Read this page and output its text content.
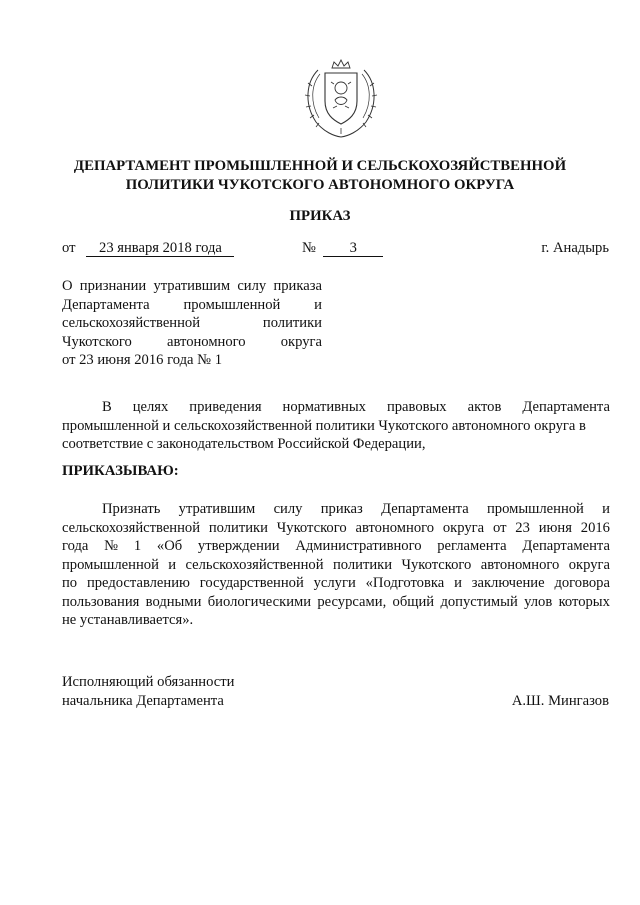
ДЕПАРТАМЕНТ ПРОМЫШЛЕННОЙ И СЕЛЬСКОХОЗЯЙСТВЕННОЙ
ПОЛИТИКИ ЧУКОТСКОГО АВТОНОМНОГО ОКРУГА
ПРИКАЗ
от 23 января 2018 года	№ 3	г. Анадырь
О признании утратившим силу приказа
Департамента промышленной и
сельскохозяйственной	политики
Чукотского автономного округа
от 23 июня 2016 года № 1
В целях приведения нормативных правовых актов Департамента
промышленной и сельскохозяйственной политики Чукотского автономного округа в
соответствие с законодательством Российской Федерации,
ПРИКАЗЫВАЮ:
Признать утратившим силу приказ Департамента промышленной и
сельскохозяйственной политики Чукотского автономного округа от 23 июня 2016
года № 1 «Об утверждении Административного регламента Департамента
промышленной и сельскохозяйственной политики Чукотского автономного округа
по предоставлению государственной услуги «Подготовка и заключение договора
пользования водными биологическими ресурсами, общий допустимый улов которых
не устанавливается».
Исполняющий обязанности
начальника Департамента	А.Ш. Мингазов
